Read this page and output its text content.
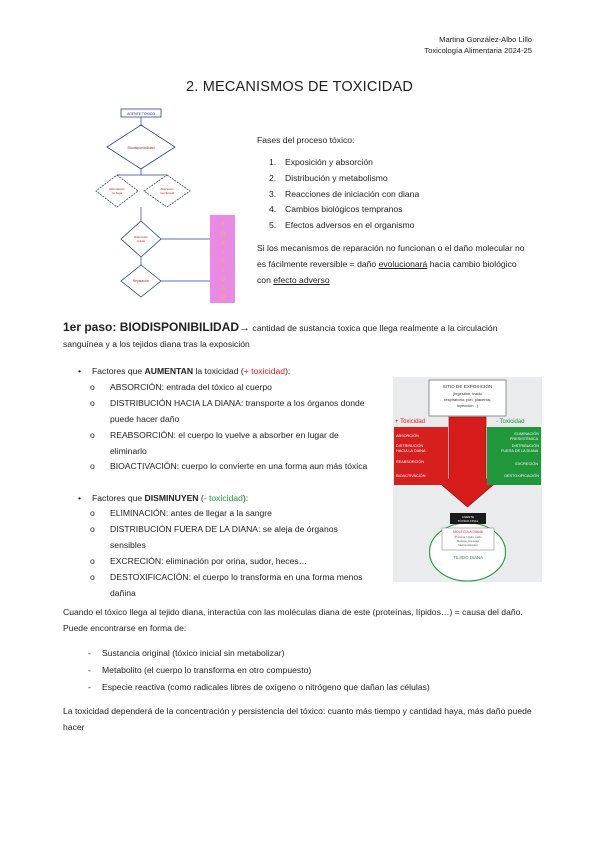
Martina González-Albo Lillo
Toxicología Alimentaria 2024-25
2. MECANISMOS DE TOXICIDAD
AGENTE TOXICO
Biodisponibilidad
Eliminación no llega
Alteración membrana
Disfunción celular
Reparación
T O X I C I D A D
Fases del proceso tóxico:
1. Exposición y absorción
2. Distribución y metabolismo
3. Reacciones de iniciación con diana
4. Cambios biológicos tempranos
5. Efectos adversos en el organismo
Si los mecanismos de reparación no funcionan o el daño molecular no es fácilmente reversible = daño evolucionará hacia cambio biológico con efecto adverso
1er paso: BIODISPONIBILIDAD→ cantidad de sustancia toxica que llega realmente a la circulación sanguínea y a los tejidos diana tras la exposición
• Factores que AUMENTAN la toxicidad (+ toxicidad):
o	ABSORCIÓN: entrada del tóxico al cuerpo
o	DISTRIBUCIÓN HACIA LA DIANA: transporte a los órganos donde puede hacer daño
o	REABSORCIÓN: el cuerpo lo vuelve a absorber en lugar de eliminarlo
o	BIOACTIVACIÓN: cuerpo lo convierte en una forma aun más tóxica
• Factores que DISMINUYEN (- toxicidad):
o	ELIMINACIÓN: antes de llegar a la sangre
o	DISTRIBUCIÓN FUERA DE LA DIANA: se aleja de órganos sensibles
o	EXCRECIÓN: eliminación por orina, sudor, heces…
o	DESTOXIFICACIÓN: el cuerpo lo transforma en una forma menos dañina
SITIO DE EXPOSICIÓN
(Ingestión, tracto respiratorio, piel, placenta, inyección...)
+ Toxicidad	- Toxicidad
ABSORCIÓN DISTRIBUCIÓN HACIA LA DIANA REABSORCIÓN BIOACTIVACIÓN
ELIMINACIÓN PRESISTÉMICA DISTRIBUCIÓN FUERA DE LA DIANA EXCRECIÓN DESTOXIFICACIÓN
AGENTE TÓXICO FINAL
MOLÉCULA DIANA
(Proteína, Lípido, Ácido Nucleico, Complejo Macromolecular)
TEJIDO DIANA
Cuando el tóxico llega al tejido diana, interactúa con las moléculas diana de este (proteínas, lípidos…) = causa del daño. Puede encontrarse en forma de:
- Sustancia original (tóxico inicial sin metabolizar)
- Metabolito (el cuerpo lo transforma en otro compuesto)
- Especie reactiva (como radicales libres de oxígeno o nitrógeno que dañan las células)
La toxicidad dependerá de la concentración y persistencia del tóxico: cuanto más tiempo y cantidad haya, más daño puede hacer
